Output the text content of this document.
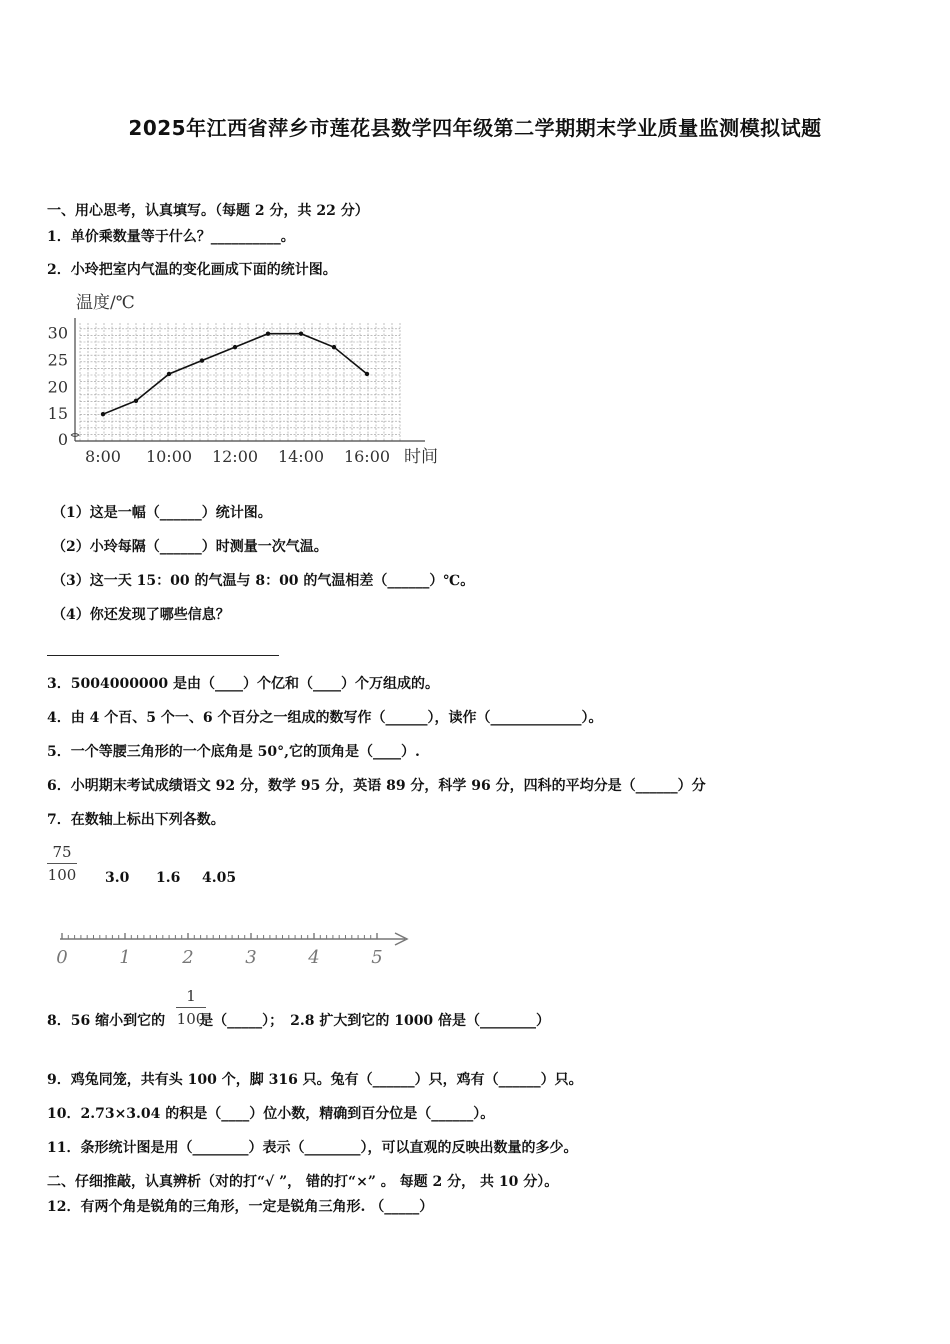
2025年江西省萍乡市莲花县数学四年级第二学期期末学业质量监测模拟试题
一、用心思考，认真填写。（每题 2 分，共 22 分）
1．单价乘数量等于什么？__________。
2．小玲把室内气温的变化画成下面的统计图。
温度/℃
时间
0
15
20
25
30
8:00 10:00 12:00 14:00 16:00
（1）这是一幅（______）统计图。
（2）小玲每隔（______）时测量一次气温。
（3）这一天 15：00 的气温与 8：00 的气温相差（______）℃。
（4）你还发现了哪些信息？
3．5004000000 是由（____）个亿和（____）个万组成的。
4．由 4 个百、5 个一、6 个百分之一组成的数写作（______），读作（_____________）。
5．一个等腰三角形的一个底角是 50°,它的顶角是（____）.
6．小明期末考试成绩语文 92 分，数学 95 分，英语 89 分，科学 96 分，四科的平均分是（______）分
7．在数轴上标出下列各数。
75
100 3.0 1.6 4.05
0	1	2	3	4	5
8．56 缩小到它的 是（_____）；　2.8 扩大到它的 1000 倍是（________）
1
100
9．鸡兔同笼，共有头 100 个，脚 316 只。兔有（______）只，鸡有（______）只。
10．2.73×3.04 的积是（____）位小数，精确到百分位是（______）。
11．条形统计图是用（________）表示（________），可以直观的反映出数量的多少。
二、仔细推敲，认真辨析（对的打“√ ”， 错的打“×” 。 每题 2 分， 共 10 分）。
12．有两个角是锐角的三角形，一定是锐角三角形. （_____）
